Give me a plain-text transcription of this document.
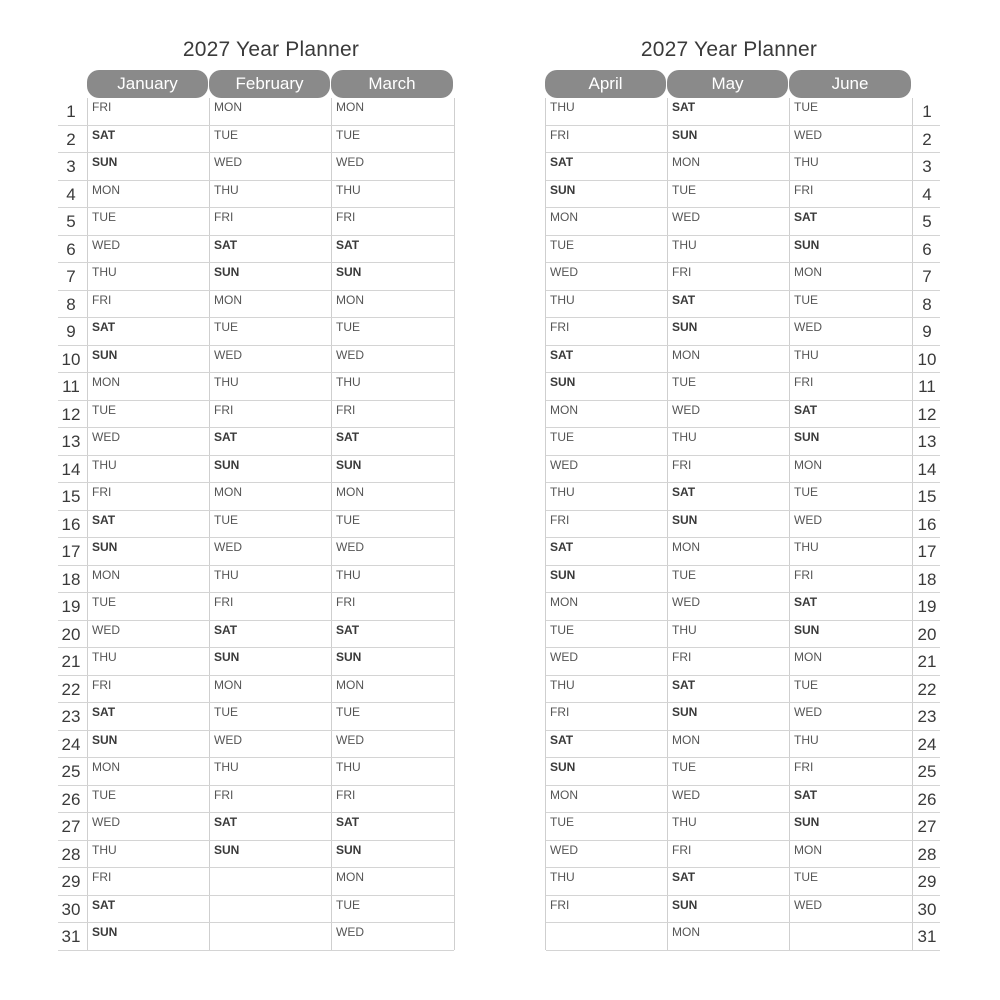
2027 Year Planner
January
FRI
SAT
SUN
MON
TUE
WED
THU
FRI
SAT
SUN
MON
TUE
WED
THU
FRI
SAT
SUN
MON
TUE
WED
THU
FRI
SAT
SUN
MON
TUE
WED
THU
FRI
SAT
SUN
February
MON
TUE
WED
THU
FRI
SAT
SUN
MON
TUE
WED
THU
FRI
SAT
SUN
MON
TUE
WED
THU
FRI
SAT
SUN
MON
TUE
WED
THU
FRI
SAT
SUN
March
MON
TUE
WED
THU
FRI
SAT
SUN
MON
TUE
WED
THU
FRI
SAT
SUN
MON
TUE
WED
THU
FRI
SAT
SUN
MON
TUE
WED
THU
FRI
SAT
SUN
MON
TUE
WED
1
2
3
4
5
6
7
8
9
10
11
12
13
14
15
16
17
18
19
20
21
22
23
24
25
26
27
28
29
30
31
2027 Year Planner
April
THU
FRI
SAT
SUN
MON
TUE
WED
THU
FRI
SAT
SUN
MON
TUE
WED
THU
FRI
SAT
SUN
MON
TUE
WED
THU
FRI
SAT
SUN
MON
TUE
WED
THU
FRI
May
SAT
SUN
MON
TUE
WED
THU
FRI
SAT
SUN
MON
TUE
WED
THU
FRI
SAT
SUN
MON
TUE
WED
THU
FRI
SAT
SUN
MON
TUE
WED
THU
FRI
SAT
SUN
MON
June
TUE
WED
THU
FRI
SAT
SUN
MON
TUE
WED
THU
FRI
SAT
SUN
MON
TUE
WED
THU
FRI
SAT
SUN
MON
TUE
WED
THU
FRI
SAT
SUN
MON
TUE
WED
1
2
3
4
5
6
7
8
9
10
11
12
13
14
15
16
17
18
19
20
21
22
23
24
25
26
27
28
29
30
31
